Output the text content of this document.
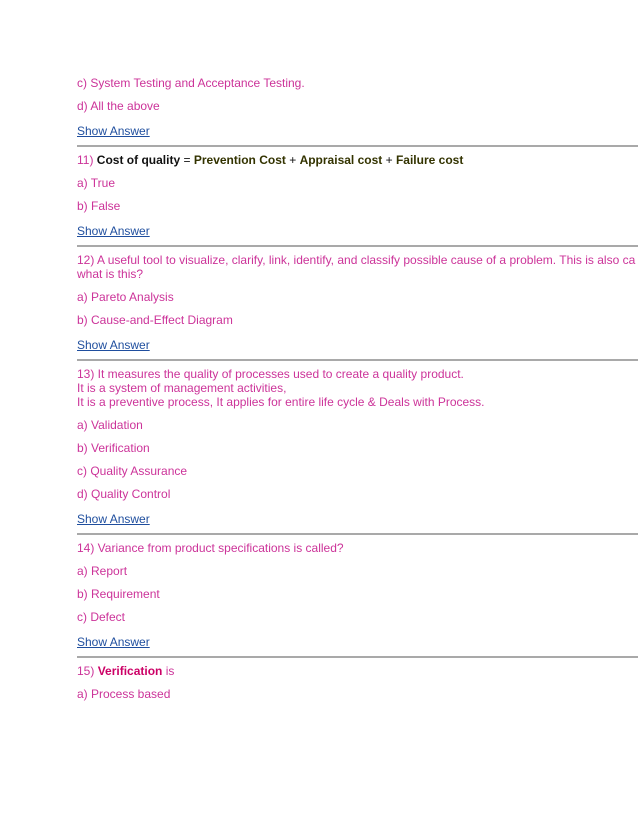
c) System Testing and Acceptance Testing.
d) All the above
Show Answer
11) Cost of quality = Prevention Cost + Appraisal cost + Failure cost
a) True
b) False
Show Answer
12) A useful tool to visualize, clarify, link, identify, and classify possible cause of a problem. This is also ca
what is this?
a) Pareto Analysis
b) Cause-and-Effect Diagram
Show Answer
13) It measures the quality of processes used to create a quality product.
It is a system of management activities,
It is a preventive process, It applies for entire life cycle & Deals with Process.
a) Validation
b) Verification
c) Quality Assurance
d) Quality Control
Show Answer
14) Variance from product specifications is called?
a) Report
b) Requirement
c) Defect
Show Answer
15) Verification is
a) Process based
